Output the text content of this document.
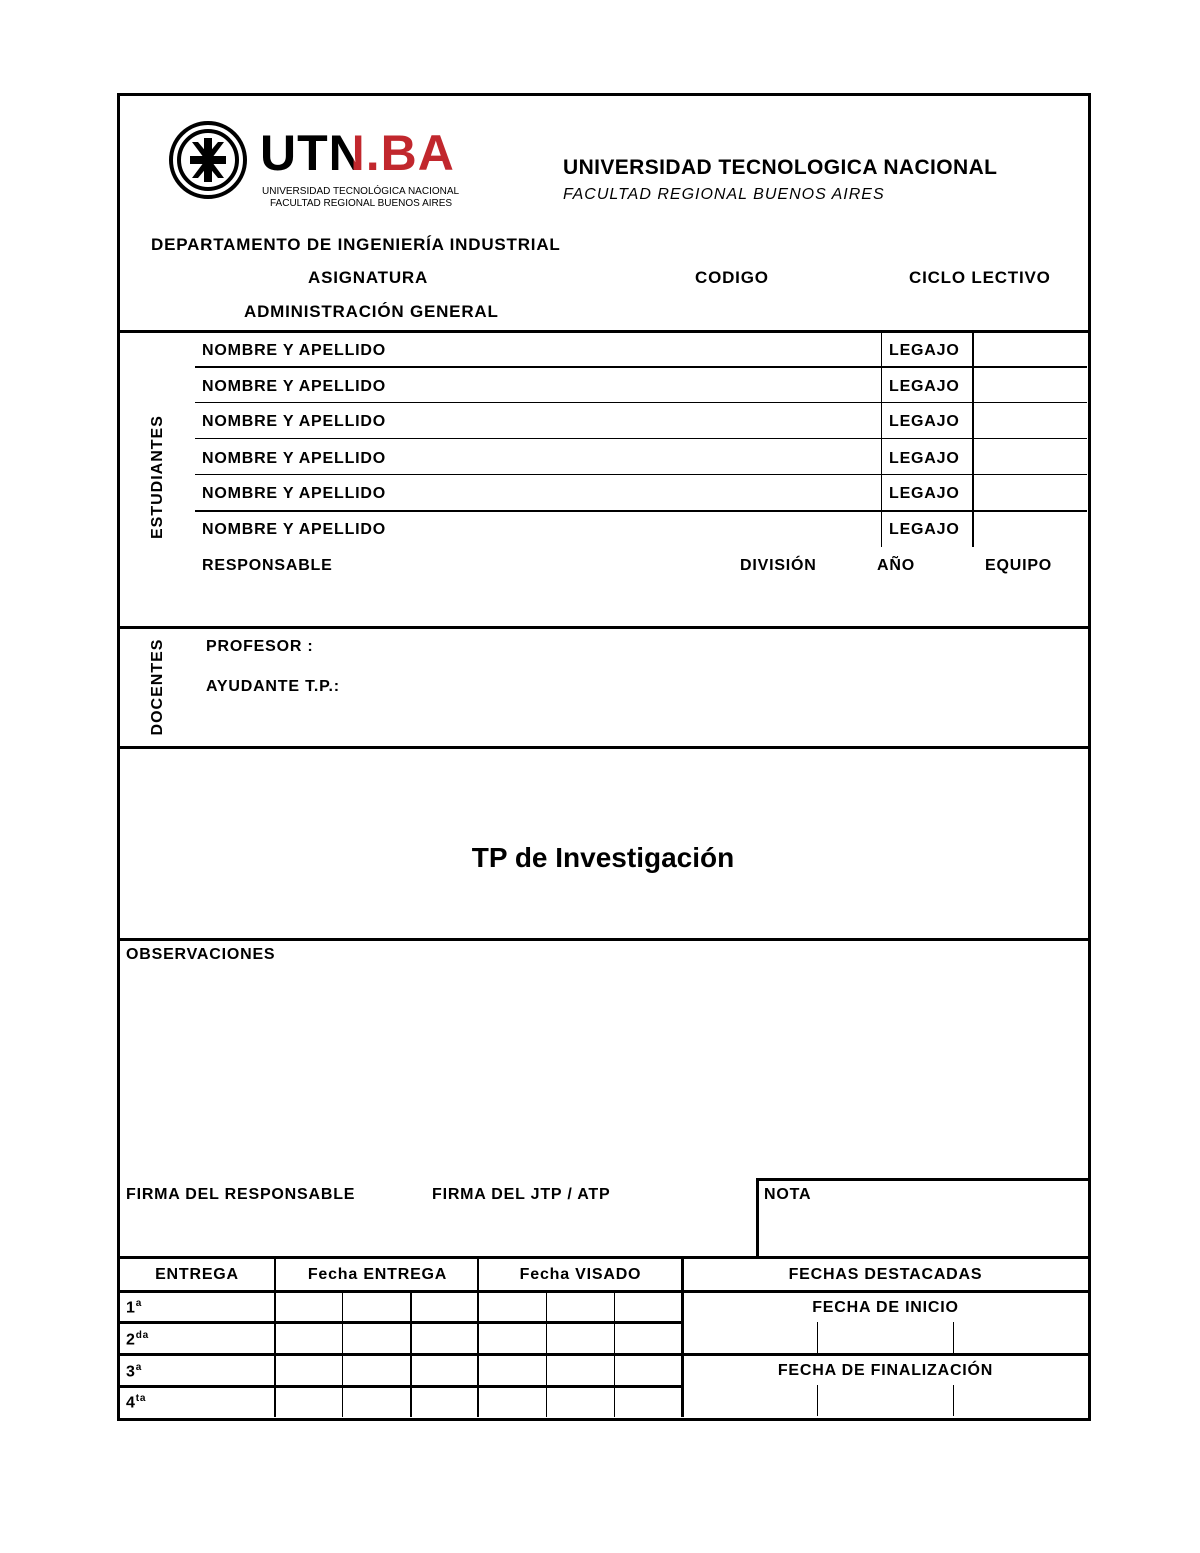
UTN.BA
UNIVERSIDAD TECNOLÓGICA NACIONAL
FACULTAD REGIONAL BUENOS AIRES
UNIVERSIDAD TECNOLOGICA NACIONAL
FACULTAD REGIONAL BUENOS AIRES
DEPARTAMENTO DE INGENIERÍA INDUSTRIAL
ASIGNATURA	CODIGO	CICLO LECTIVO
ADMINISTRACIÓN GENERAL
ESTUDIANTES
NOMBRE Y APELLIDO	LEGAJO
NOMBRE Y APELLIDO	LEGAJO
NOMBRE Y APELLIDO	LEGAJO
NOMBRE Y APELLIDO	LEGAJO
NOMBRE Y APELLIDO	LEGAJO
NOMBRE Y APELLIDO	LEGAJO
RESPONSABLE	DIVISIÓN	AÑO	EQUIPO
DOCENTES	PROFESOR :
AYUDANTE T.P.:
TP de Investigación
OBSERVACIONES
FIRMA DEL RESPONSABLE	FIRMA DEL JTP / ATP	NOTA
ENTREGA	Fecha ENTREGA	Fecha VISADO	FECHAS DESTACADAS
1$^a$
$2^{da}$
3$^a$
$4^{ta}$
FECHA DE INICIO
FECHA DE FINALIZACIÓN
